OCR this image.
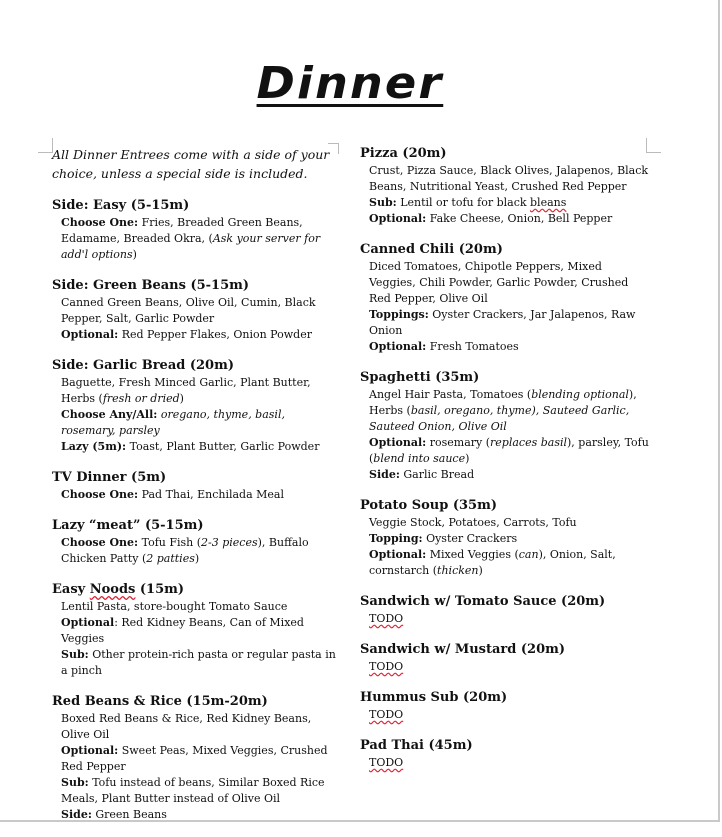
Dinner
All Dinner Entrees come with a side of your choice, unless a special side is included.
Side: Easy (5-15m)
Choose One: Fries, Breaded Green Beans, Edamame, Breaded Okra, (Ask your server for add'l options)
Side: Green Beans (5-15m)
Canned Green Beans, Olive Oil, Cumin, Black Pepper, Salt, Garlic Powder
Optional: Red Pepper Flakes, Onion Powder
Side: Garlic Bread (20m)
Baguette, Fresh Minced Garlic, Plant Butter, Herbs (fresh or dried)
Choose Any/All: oregano, thyme, basil, rosemary, parsley
Lazy (5m): Toast, Plant Butter, Garlic Powder
TV Dinner (5m)
Choose One: Pad Thai, Enchilada Meal
Lazy “meat” (5-15m)
Choose One: Tofu Fish (2-3 pieces), Buffalo Chicken Patty (2 patties)
Easy Noods (15m)
Lentil Pasta, store-bought Tomato Sauce
Optional: Red Kidney Beans, Can of Mixed Veggies
Sub: Other protein-rich pasta or regular pasta in a pinch
Red Beans & Rice (15m-20m)
Boxed Red Beans & Rice, Red Kidney Beans, Olive Oil
Optional: Sweet Peas, Mixed Veggies, Crushed Red Pepper
Sub: Tofu instead of beans, Similar Boxed Rice Meals, Plant Butter instead of Olive Oil
Side: Green Beans
Pizza (20m)
Crust, Pizza Sauce, Black Olives, Jalapenos, Black Beans, Nutritional Yeast, Crushed Red Pepper
Sub: Lentil or tofu for black bleans
Optional: Fake Cheese, Onion, Bell Pepper
Canned Chili (20m)
Diced Tomatoes, Chipotle Peppers, Mixed Veggies, Chili Powder, Garlic Powder, Crushed Red Pepper, Olive Oil
Toppings: Oyster Crackers, Jar Jalapenos, Raw Onion
Optional: Fresh Tomatoes
Spaghetti (35m)
Angel Hair Pasta, Tomatoes (blending optional), Herbs (basil, oregano, thyme), Sauteed Garlic, Sauteed Onion, Olive Oil
Optional: rosemary (replaces basil), parsley, Tofu (blend into sauce)
Side: Garlic Bread
Potato Soup (35m)
Veggie Stock, Potatoes, Carrots, Tofu
Topping: Oyster Crackers
Optional: Mixed Veggies (can), Onion, Salt, cornstarch (thicken)
Sandwich w/ Tomato Sauce (20m)
TODO
Sandwich w/ Mustard (20m)
TODO
Hummus Sub (20m)
TODO
Pad Thai (45m)
TODO
